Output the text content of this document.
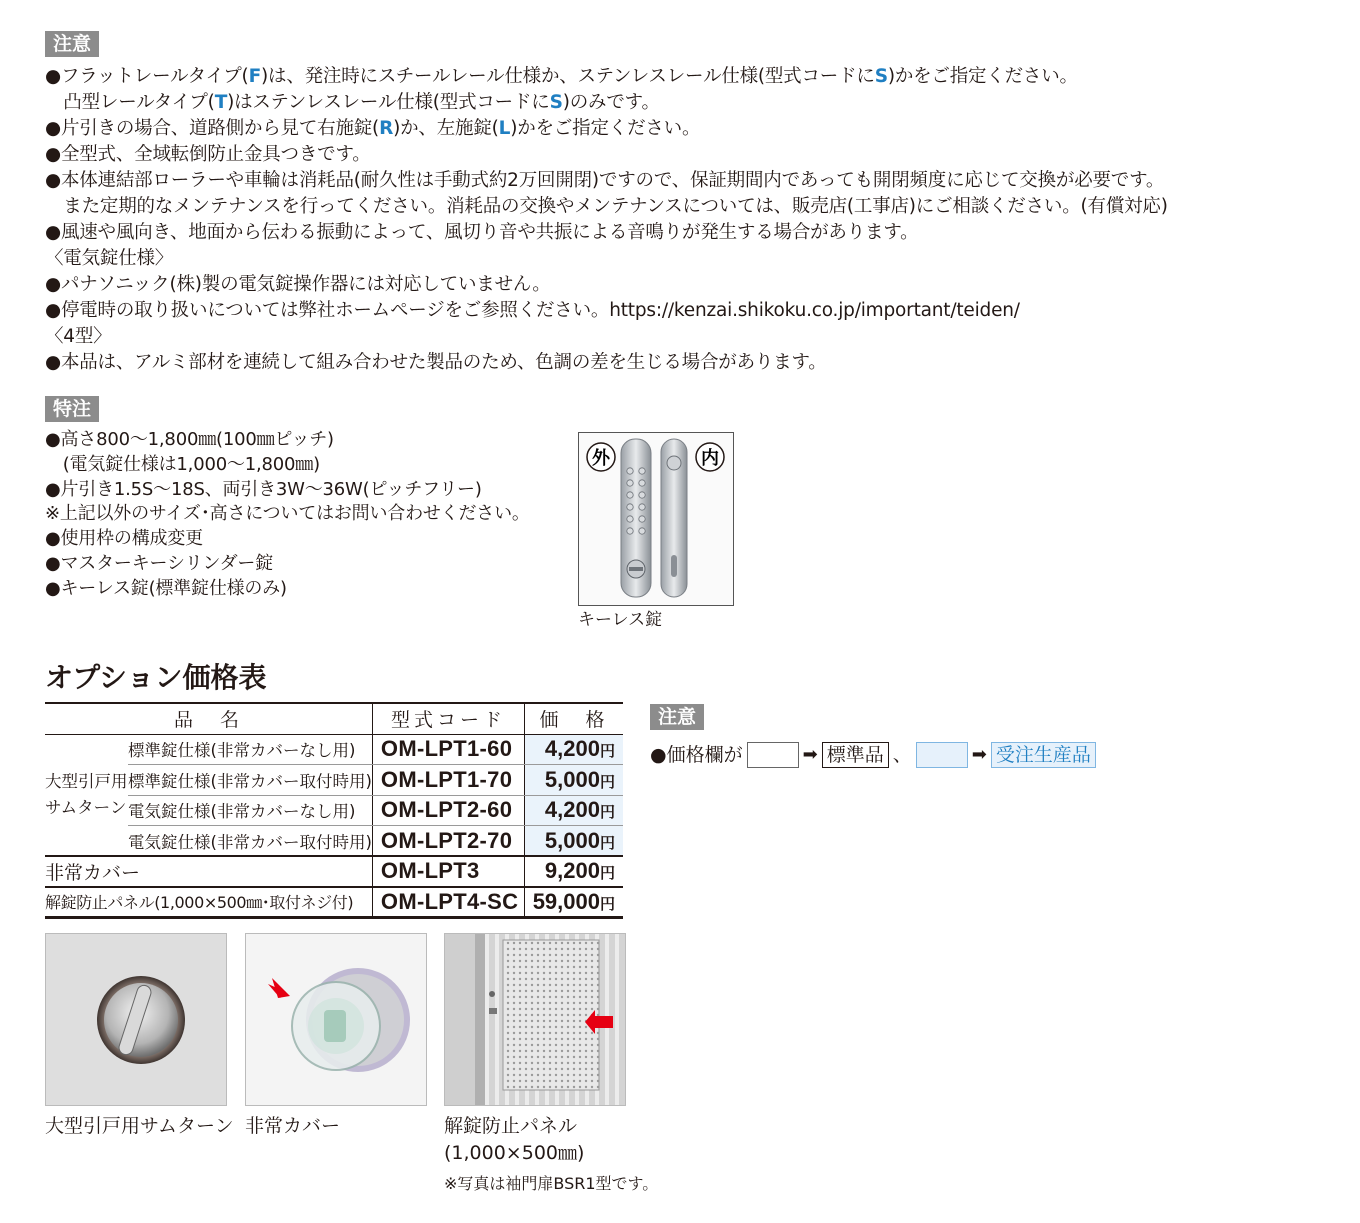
注意
●フラットレールタイプ(F)は、発注時にスチールレール仕様か、ステンレスレール仕様(型式コードにS)かをご指定ください。
　凸型レールタイプ(T)はステンレスレール仕様(型式コードにS)のみです。
●片引きの場合、道路側から見て右施錠(R)か、左施錠(L)かをご指定ください。
●全型式、全域転倒防止金具つきです。
●本体連結部ローラーや車輪は消耗品(耐久性は手動式約2万回開閉)ですので、保証期間内であっても開閉頻度に応じて交換が必要です。
　また定期的なメンテナンスを行ってください。消耗品の交換やメンテナンスについては、販売店(工事店)にご相談ください。(有償対応)
●風速や風向き、地面から伝わる振動によって、風切り音や共振による音鳴りが発生する場合があります。
〈電気錠仕様〉
●パナソニック(株)製の電気錠操作器には対応していません。
●停電時の取り扱いについては弊社ホームページをご参照ください。https://kenzai.shikoku.co.jp/important/teiden/
〈4型〉
●本品は、アルミ部材を連続して組み合わせた製品のため、色調の差を生じる場合があります。
特注
●高さ800～1,800㎜(100㎜ピッチ)
　(電気錠仕様は1,000～1,800㎜)
●片引き1.5S～18S、両引き3W～36W(ピッチフリー)
※上記以外のサイズ･高さについてはお問い合わせください。
●使用枠の構成変更
●マスターキーシリンダー錠
●キーレス錠(標準錠仕様のみ)
外	内
キーレス錠
オプション価格表
品　名		型式コード	価　格

大型引戸用
サムターン	標準錠仕様(非常カバーなし用)	OM-LPT1-60	4,200円
	標準錠仕様(非常カバー取付時用)	OM-LPT1-70	5,000円
	電気錠仕様(非常カバーなし用)	OM-LPT2-60	4,200円
	電気錠仕様(非常カバー取付時用)	OM-LPT2-70	5,000円
非常カバー		OM-LPT3	9,200円
解錠防止パネル(1,000×500㎜･取付ネジ付)		OM-LPT4-SC	59,000円
注意
●価格欄が	➡ 標準品 、	➡ 受注生産品
大型引戸用サムターン 非常カバー	解錠防止パネル
(1,000×500㎜)
※写真は袖門扉BSR1型です。
